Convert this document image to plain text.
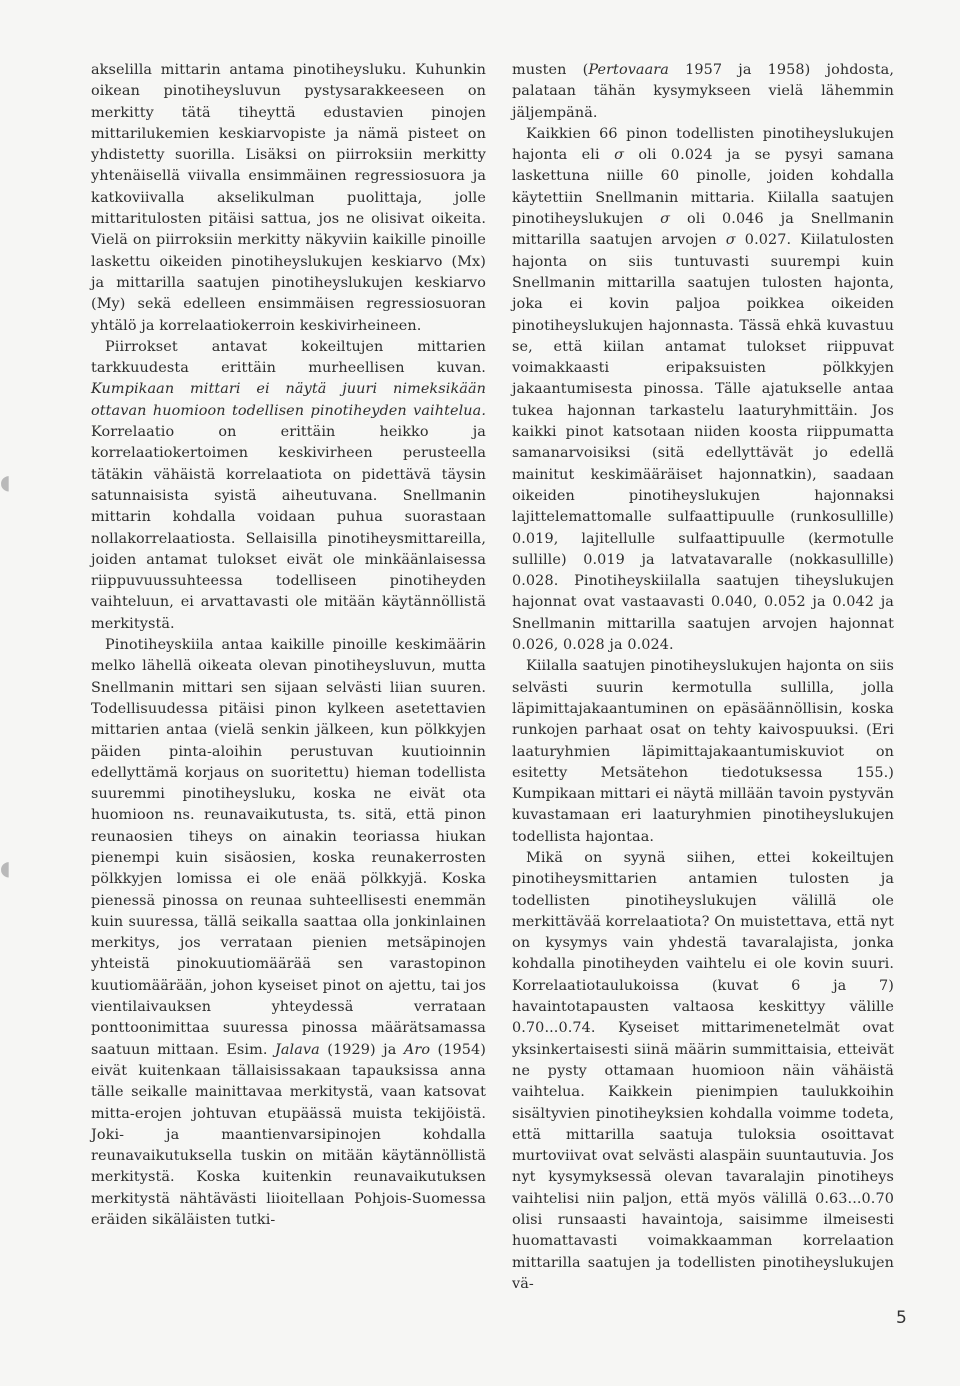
◖
◖

akselilla mittarin antama pinotiheysluku. Kuhunkin oikean pinotiheysluvun pystysarakkeeseen on merkitty tätä tiheyttä edustavien pinojen mittarilukemien keskiarvopiste ja nämä pisteet on yhdistetty suorilla. Lisäksi on piirroksiin merkitty yhtenäisellä viivalla ensimmäinen regressiosuora ja katkoviivalla akselikulman puolittaja, jolle mittaritulosten pitäisi sattua, jos ne olisivat oikeita. Vielä on piirroksiin merkitty näkyviin kaikille pinoille laskettu oikeiden pinotiheyslukujen keskiarvo (Mx) ja mittarilla saatujen pinotiheyslukujen keskiarvo (My) sekä edelleen ensimmäisen regressiosuoran yhtälö ja korrelaatiokerroin keskivirheineen.

Piirrokset antavat kokeiltujen mittarien tarkkuudesta erittäin murheellisen kuvan. Kumpikaan mittari ei näytä juuri nimeksikään ottavan huomioon todellisen pinotiheyden vaihtelua. Korrelaatio on erittäin heikko ja korrelaatiokertoimen keskivirheen perusteella tätäkin vähäistä korrelaatiota on pidettävä täysin satunnaisista syistä aiheutuvana. Snellmanin mittarin kohdalla voidaan puhua suorastaan nollakorrelaatiosta. Sellaisilla pinotiheysmittareilla, joiden antamat tulokset eivät ole minkäänlaisessa riippuvuussuhteessa todelliseen pinotiheyden vaihteluun, ei arvattavasti ole mitään käytännöllistä merkitystä.

Pinotiheyskiila antaa kaikille pinoille keskimäärin melko lähellä oikeata olevan pinotiheysluvun, mutta Snellmanin mittari sen sijaan selvästi liian suuren. Todellisuudessa pitäisi pinon kylkeen asetettavien mittarien antaa (vielä senkin jälkeen, kun pölkkyjen päiden pinta-aloihin perustuvan kuutioinnin edellyttämä korjaus on suoritettu) hieman todellista suuremmi pinotiheysluku, koska ne eivät ota huomioon ns. reunavaikutusta, ts. sitä, että pinon reunaosien tiheys on ainakin teoriassa hiukan pienempi kuin sisäosien, koska reunakerrosten pölkkyjen lomissa ei ole enää pölkkyjä. Koska pienessä pinossa on reunaa suhteellisesti enemmän kuin suuressa, tällä seikalla saattaa olla jonkinlainen merkitys, jos verrataan pienien metsäpinojen yhteistä pinokuutiomäärää sen varastopinon kuutiomäärään, johon kyseiset pinot on ajettu, tai jos vientilaivauksen yhteydessä verrataan ponttoonimittaa suuressa pinossa määrätsamassa saatuun mittaan. Esim. Jalava (1929) ja Aro (1954) eivät kuitenkaan tällaisissakaan tapauksissa anna tälle seikalle mainittavaa merkitystä, vaan katsovat mitta-erojen johtuvan etupäässä muista tekijöistä. Joki- ja maantienvarsipinojen kohdalla reunavaikutuksella tuskin on mitään käytännöllistä merkitystä. Koska kuitenkin reunavaikutuksen merkitystä nähtävästi liioitellaan Pohjois-Suomessa eräiden sikäläisten tutki-

musten (Pertovaara 1957 ja 1958) johdosta, palataan tähän kysymykseen vielä lähemmin jäljempänä.

Kaikkien 66 pinon todellisten pinotiheyslukujen hajonta eli σ oli 0.024 ja se pysyi samana laskettuna niille 60 pinolle, joiden kohdalla käytettiin Snellmanin mittaria. Kiilalla saatujen pinotiheyslukujen σ oli 0.046 ja Snellmanin mittarilla saatujen arvojen σ 0.027. Kiilatulosten hajonta on siis tuntuvasti suurempi kuin Snellmanin mittarilla saatujen tulosten hajonta, joka ei kovin paljoa poikkea oikeiden pinotiheyslukujen hajonnasta. Tässä ehkä kuvastuu se, että kiilan antamat tulokset riippuvat voimakkaasti eripaksuisten pölkkyjen jakaantumisesta pinossa. Tälle ajatukselle antaa tukea hajonnan tarkastelu laaturyhmittäin. Jos kaikki pinot katsotaan niiden koosta riippumatta samanarvoisiksi (sitä edellyttävät jo edellä mainitut keskimääräiset hajonnatkin), saadaan oikeiden pinotiheyslukujen hajonnaksi lajittelemattomalle sulfaattipuulle (runkosullille) 0.019, lajitellulle sulfaattipuulle (kermotulle sullille) 0.019 ja latvatavaralle (nokkasullille) 0.028. Pinotiheyskiilalla saatujen tiheyslukujen hajonnat ovat vastaavasti 0.040, 0.052 ja 0.042 ja Snellmanin mittarilla saatujen arvojen hajonnat 0.026, 0.028 ja 0.024.

Kiilalla saatujen pinotiheyslukujen hajonta on siis selvästi suurin kermotulla sullilla, jolla läpimittajakaantuminen on epäsäännöllisin, koska runkojen parhaat osat on tehty kaivospuuksi. (Eri laaturyhmien läpimittajakaantumiskuviot on esitetty Metsätehon tiedotuksessa 155.) Kumpikaan mittari ei näytä millään tavoin pystyvän kuvastamaan eri laaturyhmien pinotiheyslukujen todellista hajontaa.

Mikä on syynä siihen, ettei kokeiltujen pinotiheysmittarien antamien tulosten ja todellisten pinotiheyslukujen välillä ole merkittävää korrelaatiota? On muistettava, että nyt on kysymys vain yhdestä tavaralajista, jonka kohdalla pinotiheyden vaihtelu ei ole kovin suuri. Korrelaatiotaulukoissa (kuvat 6 ja 7) havaintotapausten valtaosa keskittyy välille 0.70...0.74. Kyseiset mittarimenetelmät ovat yksinkertaisesti siinä määrin summittaisia, etteivät ne pysty ottamaan huomioon näin vähäistä vaihtelua. Kaikkein pienimpien taulukkoihin sisältyvien pinotiheyksien kohdalla voimme todeta, että mittarilla saatuja tuloksia osoittavat murtoviivat ovat selvästi alaspäin suuntautuvia. Jos nyt kysymyksessä olevan tavaralajin pinotiheys vaihtelisi niin paljon, että myös välillä 0.63...0.70 olisi runsaasti havaintoja, saisimme ilmeisesti huomattavasti voimakkaamman korrelaation mittarilla saatujen ja todellisten pinotiheyslukujen vä-

5
